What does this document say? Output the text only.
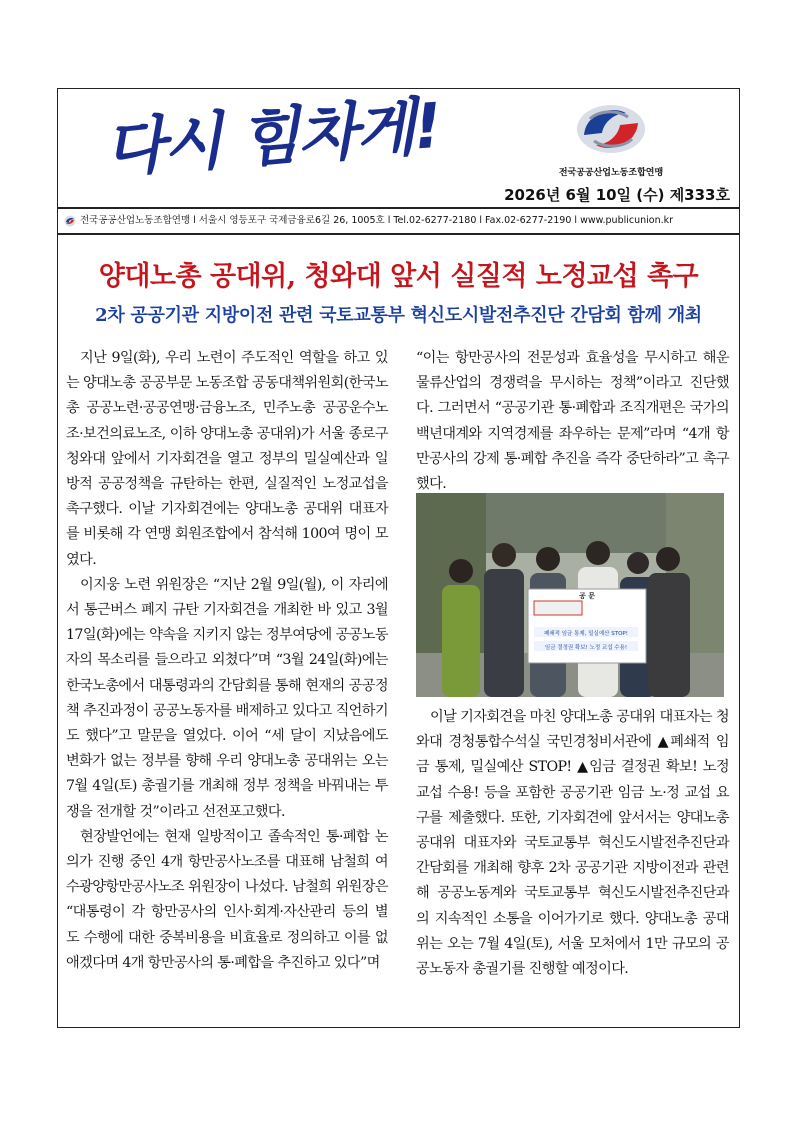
다시 힘차게!	전국공공산업노동조합연맹
2026년 6월 10일 (수) 제333호
전국공공산업노동조합연맹 l 서울시 영등포구 국제금융로6길 26, 1005호 l Tel.02-6277-2180 l Fax.02-6277-2190 l www.publicunion.kr
양대노총 공대위, 청와대 앞서 실질적 노정교섭 촉구
2차 공공기관 지방이전 관련 국토교통부 혁신도시발전추진단 간담회 함께 개최

지난 9일(화), 우리 노련이 주도적인 역할을 하고 있는 양대노총 공공부문 노동조합 공동대책위원회(한국노총 공공노련·공공연맹·금융노조, 민주노총 공공운수노조·보건의료노조, 이하 양대노총 공대위)가 서울 종로구 청와대 앞에서 기자회견을 열고 정부의 밀실예산과 일방적 공공정책을 규탄하는 한편, 실질적인 노정교섭을 촉구했다. 이날 기자회견에는 양대노총 공대위 대표자를 비롯해 각 연맹 회원조합에서 참석해 100여 명이 모였다.

이지웅 노련 위원장은 “지난 2월 9일(월), 이 자리에서 통근버스 폐지 규탄 기자회견을 개최한 바 있고 3월 17일(화)에는 약속을 지키지 않는 정부여당에 공공노동자의 목소리를 들으라고 외쳤다”며 “3월 24일(화)에는 한국노총에서 대통령과의 간담회를 통해 현재의 공공정책 추진과정이 공공노동자를 배제하고 있다고 직언하기도 했다”고 말문을 열었다. 이어 “세 달이 지났음에도 변화가 없는 정부를 향해 우리 양대노총 공대위는 오는 7월 4일(토) 총궐기를 개최해 정부 정책을 바꿔내는 투쟁을 전개할 것”이라고 선전포고했다.

현장발언에는 현재 일방적이고 졸속적인 통·폐합 논의가 진행 중인 4개 항만공사노조를 대표해 남철희 여수광양항만공사노조 위원장이 나섰다. 남철희 위원장은 “대통령이 각 항만공사의 인사·회계·자산관리 등의 별도 수행에 대한 중복비용을 비효율로 정의하고 이를 없애겠다며 4개 항만공사의 통·폐합을 추진하고 있다”며

“이는 항만공사의 전문성과 효율성을 무시하고 해운물류산업의 경쟁력을 무시하는 정책”이라고 진단했다. 그러면서 “공공기관 통·폐합과 조직개편은 국가의 백년대계와 지역경제를 좌우하는 문제”라며 “4개 항만공사의 강제 통·폐합 추진을 즉각 중단하라”고 촉구했다.

공 문
폐쇄적 임금 통제, 밀실예산 STOP!
임금 결정권 확보! 노정 교섭 수용!

이날 기자회견을 마친 양대노총 공대위 대표자는 청와대 경청통합수석실 국민경청비서관에 ▲폐쇄적 임금 통제, 밀실예산 STOP! ▲임금 결정권 확보! 노정 교섭 수용! 등을 포함한 공공기관 임금 노·정 교섭 요구를 제출했다. 또한, 기자회견에 앞서서는 양대노총 공대위 대표자와 국토교통부 혁신도시발전추진단과 간담회를 개최해 향후 2차 공공기관 지방이전과 관련해 공공노동계와 국토교통부 혁신도시발전추진단과의 지속적인 소통을 이어가기로 했다. 양대노총 공대위는 오는 7월 4일(토), 서울 모처에서 1만 규모의 공공노동자 총궐기를 진행할 예정이다.
